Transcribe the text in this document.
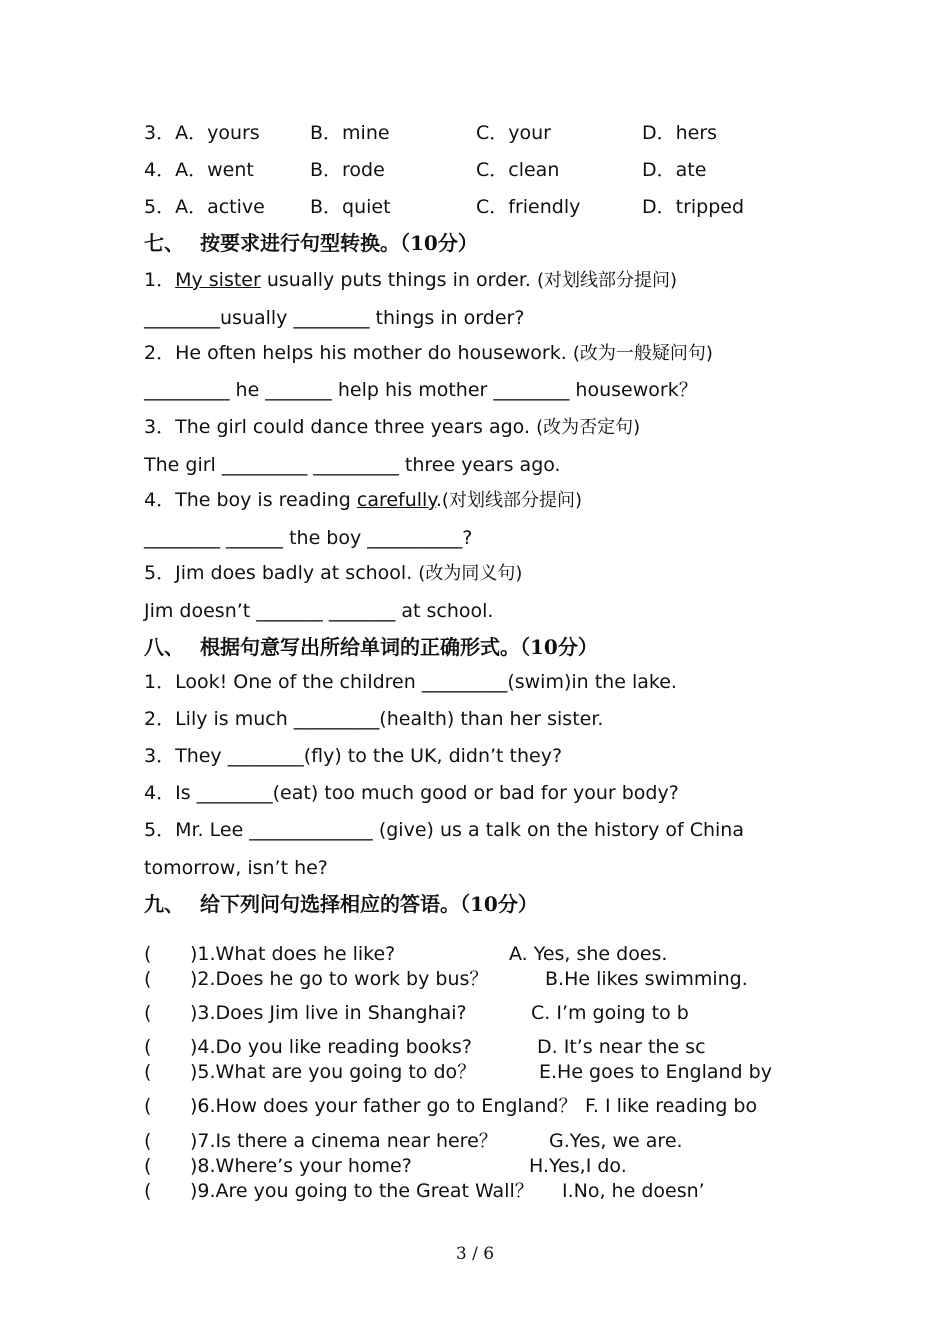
3．A．yours	B．mine	C．your	D．hers
4．A．went	B．rode	C．clean	D．ate
5．A．active B．quiet	C．friendly	D．tripped
七、 按要求进行句型转换。（10分）
1．My sister usually puts things in order. (对划线部分提问)
________usually ________ things in order?
2．He often helps his mother do housework. (改为一般疑问句)
_________ he _______ help his mother ________ housework？
3．The girl could dance three years ago. (改为否定句)
The girl _________ _________ three years ago.
4．The boy is reading carefully.(对划线部分提问)
________ ______ the boy __________?
5．Jim does badly at school. (改为同义句)
Jim doesn’t _______ _______ at school.
八、 根据句意写出所给单词的正确形式。（10分）
1．Look! One of the children _________(swim)in the lake.
2．Lily is much _________(health) than her sister.
3．They ________(fly) to the UK, didn’t they?
4．Is ________(eat) too much good or bad for your body?
5．Mr. Lee _____________ (give) us a talk on the history of China
tomorrow, isn’t he?
九、 给下列问句选择相应的答语。（10分）
( )1.What does he like?	A. Yes, she does.
( )2.Does he go to work by bus？	B.He likes swimming.
( )3.Does Jim live in Shanghai?	C. I’m going to b
( )4.Do you like reading books?	D. It’s near the sc
( )5.What are you going to do？	E.He goes to England by
( )6.How does your father go to England？ F. I like reading bo
( )7.Is there a cinema near here？	G.Yes, we are.
( )8.Where’s your home?	H.Yes,I do.
( )9.Are you going to the Great Wall？ I.No, he doesn’
3 / 6
